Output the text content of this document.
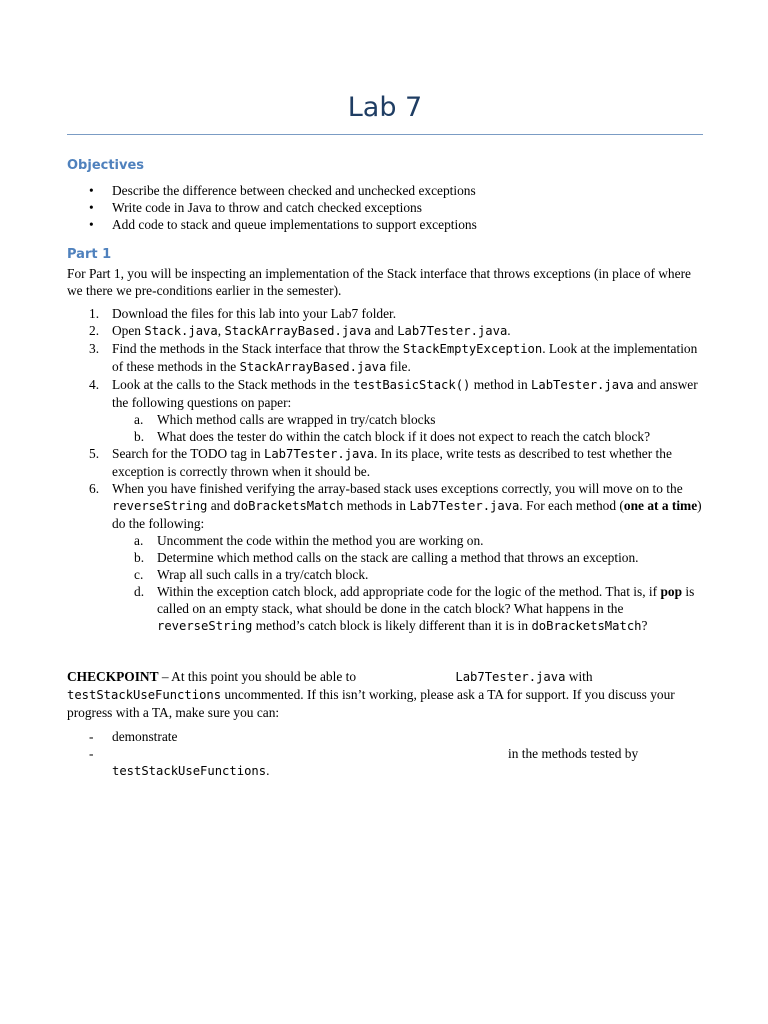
Lab 7
Objectives
• Describe the difference between checked and unchecked exceptions
• Write code in Java to throw and catch checked exceptions
• Add code to stack and queue implementations to support exceptions
Part 1

For Part 1, you will be inspecting an implementation of the Stack interface that throws exceptions (in place of where we there we pre-conditions earlier in the semester).

1. Download the files for this lab into your Lab7 folder.
2. Open Stack.java, StackArrayBased.java and Lab7Tester.java.
3. Find the methods in the Stack interface that throw the StackEmptyException. Look at the implementation of these methods in the StackArrayBased.java file.
4. Look at the calls to the Stack methods in the testBasicStack() method in LabTester.java and answer the following questions on paper:
a. Which method calls are wrapped in try/catch blocks
b. What does the tester do within the catch block if it does not expect to reach the catch block?
5. Search for the TODO tag in Lab7Tester.java. In its place, write tests as described to test whether the exception is correctly thrown when it should be.
6. When you have finished verifying the array-based stack uses exceptions correctly, you will move on to the reverseString and doBracketsMatch methods in Lab7Tester.java. For each method (one at a time) do the following:
a. Uncomment the code within the method you are working on.
b. Determine which method calls on the stack are calling a method that throws an exception.
c. Wrap all such calls in a try/catch block.
d. Within the exception catch block, add appropriate code for the logic of the method. That is, if pop is called on an empty stack, what should be done in the catch block? What happens in the reverseString method’s catch block is likely different than it is in doBracketsMatch?

CHECKPOINT – At this point you should be able to	Lab7Tester.java with testStackUseFunctions uncommented. If this isn’t working, please ask a TA for support. If you discuss your progress with a TA, make sure you can:

- demonstrate
-	in the methods tested by

testStackUseFunctions.
